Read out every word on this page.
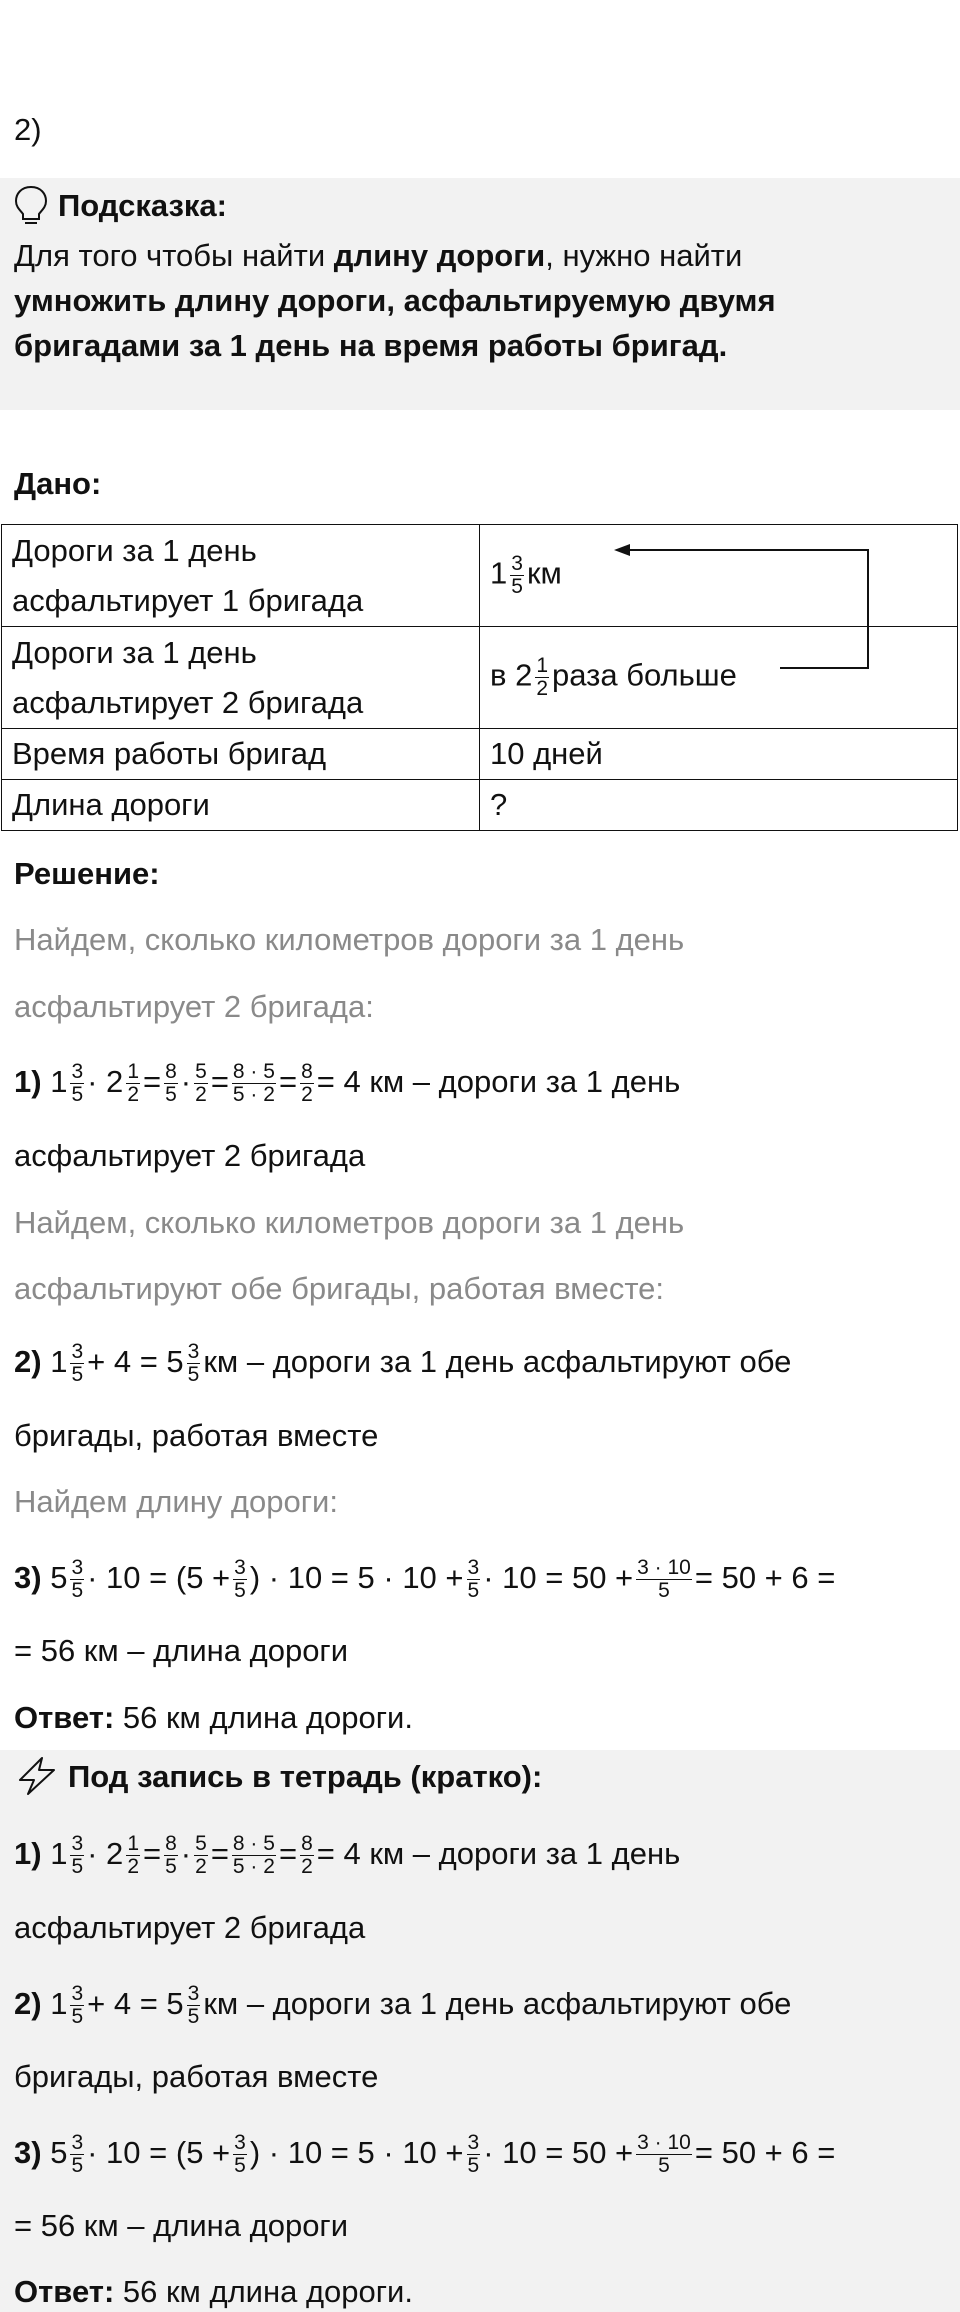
2)
Подсказка:
Для того чтобы найти длину дороги, нужно найти
умножить длину дороги, асфальтируемую двумя
бригадами за 1 день на время работы бригад.
Дано:
Дороги за 1 день
асфальтирует 1 бригада	$1 \frac{3}{5}$ км
Дороги за 1 день
асфальтирует 2 бригада	в $2 \frac{1}{2}$ раза больше
Время работы бригад	10 дней
Длина дороги	?
Решение:
Найдем, сколько километров дороги за 1 день
асфальтирует 2 бригада:
1) $1 \frac{3}{5} \cdot 2 \frac{1}{2} = \frac{8}{5} \cdot \frac{5}{2} = \frac{8 \cdot 5}{5 \cdot 2} = \frac{8}{2} = 4$ км – дороги за 1 день
асфальтирует 2 бригада
Найдем, сколько километров дороги за 1 день
асфальтируют обе бригады, работая вместе:
2) $1 \frac{3}{5} + 4 = 5 \frac{3}{5}$ км – дороги за 1 день асфальтируют обе
бригады, работая вместе
Найдем длину дороги:
3) $5 \frac{3}{5} \cdot 10 = (5 + \frac{3}{5}$ ) · $10 = 5 \cdot 10 + \frac{3}{5} \cdot 10 = 50 + \frac{3 \cdot 10}{5} = 50 + 6$ =
= 56 км – длина дороги
Ответ: 56 км длина дороги.
Под запись в тетрадь (кратко):
1) $1 \frac{3}{5} \cdot 2 \frac{1}{2} = \frac{8}{5} \cdot \frac{5}{2} = \frac{8 \cdot 5}{5 \cdot 2} = \frac{8}{2} = 4$ км – дороги за 1 день
асфальтирует 2 бригада
2) $1 \frac{3}{5} + 4 = 5 \frac{3}{5}$ км – дороги за 1 день асфальтируют обе
бригады, работая вместе
3) $5 \frac{3}{5} \cdot 10 = (5 + \frac{3}{5}$ ) · $10 = 5 \cdot 10 + \frac{3}{5} \cdot 10 = 50 + \frac{3 \cdot 10}{5} = 50 + 6$ =
= 56 км – длина дороги
Ответ: 56 км длина дороги.
